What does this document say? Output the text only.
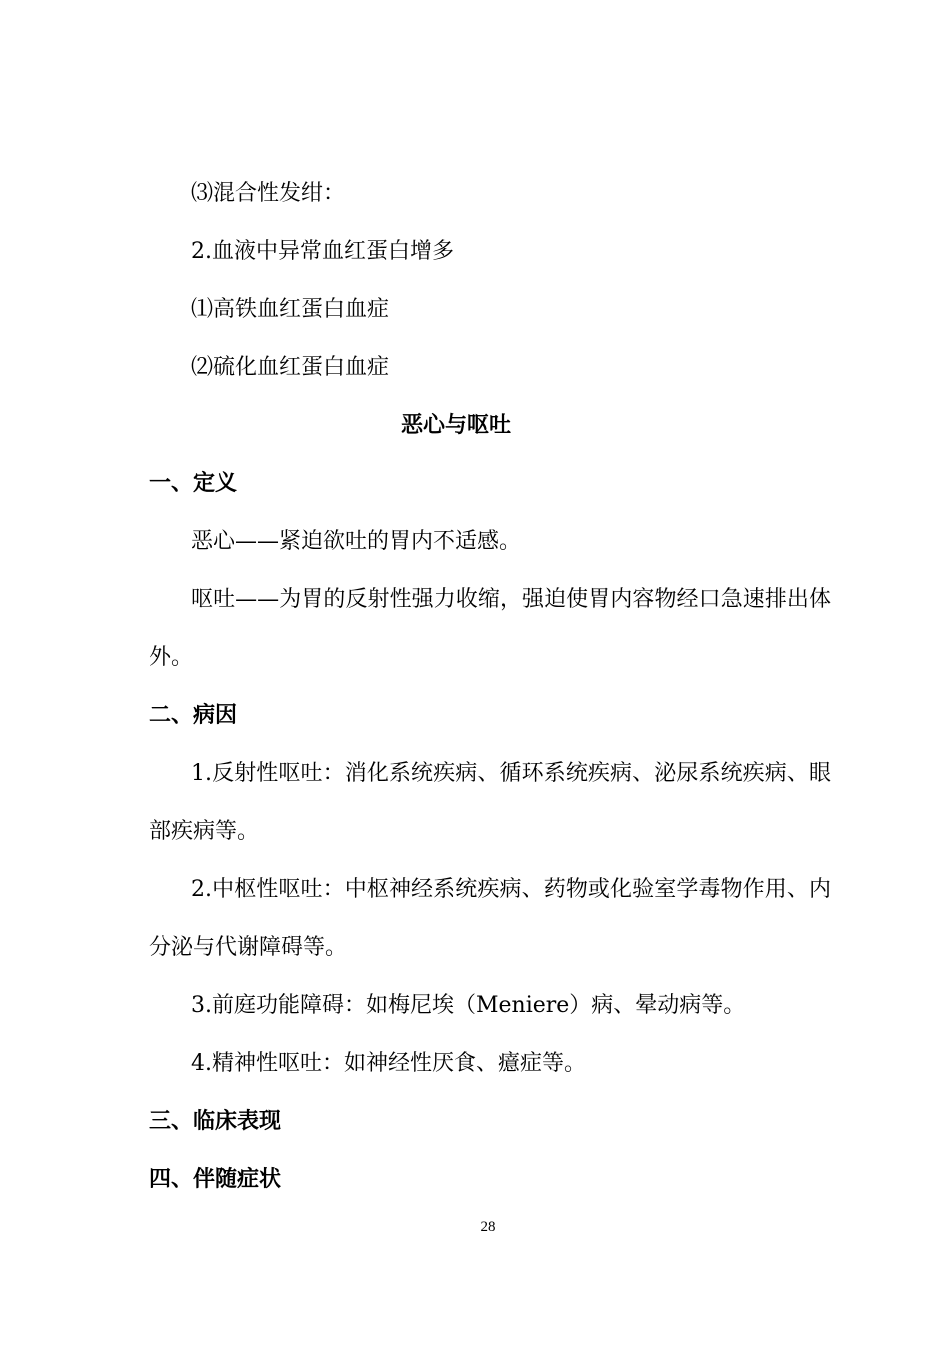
⑶混合性发绀：
2.血液中异常血红蛋白增多
⑴高铁血红蛋白血症
⑵硫化血红蛋白血症
恶心与呕吐
一、定义
恶心——紧迫欲吐的胃内不适感。
呕吐——为胃的反射性强力收缩，强迫使胃内容物经口急速排出体
外。
二、病因
1.反射性呕吐：消化系统疾病、循环系统疾病、泌尿系统疾病、眼
部疾病等。
2.中枢性呕吐：中枢神经系统疾病、药物或化验室学毒物作用、内
分泌与代谢障碍等。
3.前庭功能障碍：如梅尼埃（Meniere）病、晕动病等。
4.精神性呕吐：如神经性厌食、癔症等。
三、临床表现
四、伴随症状
28
